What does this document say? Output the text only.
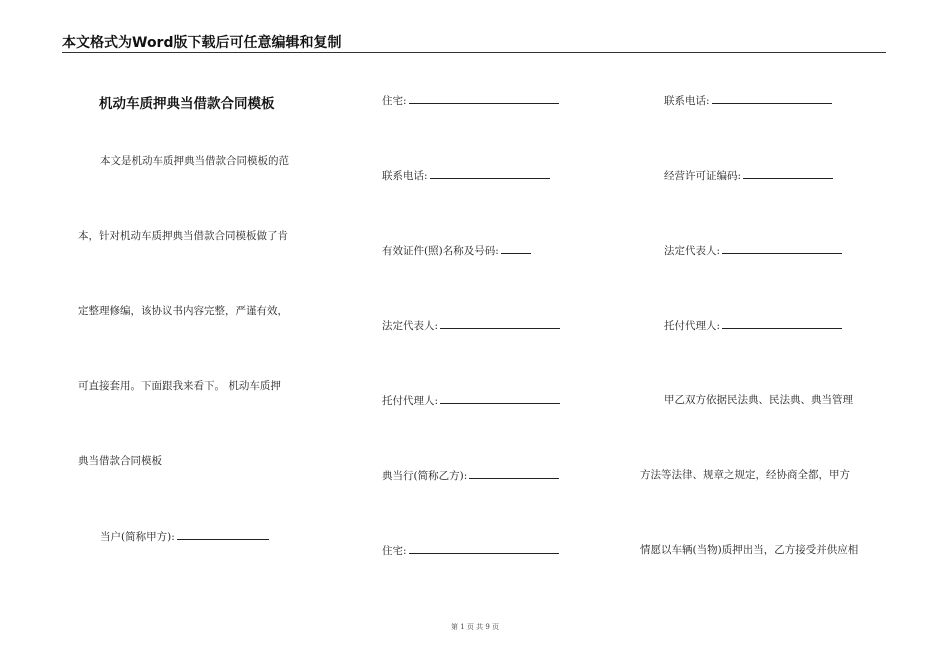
本文格式为Word版下载后可任意编辑和复制
机动车质押典当借款合同模板
本文是机动车质押典当借款合同模板的范
本，针对机动车质押典当借款合同模板做了肯
定整理修编，该协议书内容完整，严谨有效，
可直接套用。下面跟我来看下。 机动车质押
典当借款合同模板
当户(简称甲方):
住宅:
联系电话:
有效证件(照)名称及号码:
法定代表人:
托付代理人:
典当行(简称乙方):
住宅:
联系电话:
经营许可证编码:
法定代表人:
托付代理人:
甲乙双方依据民法典、民法典、典当管理
方法等法律、规章之规定，经协商全都，甲方
情愿以车辆(当物)质押出当，乙方接受并供应相
第 1 页 共 9 页
